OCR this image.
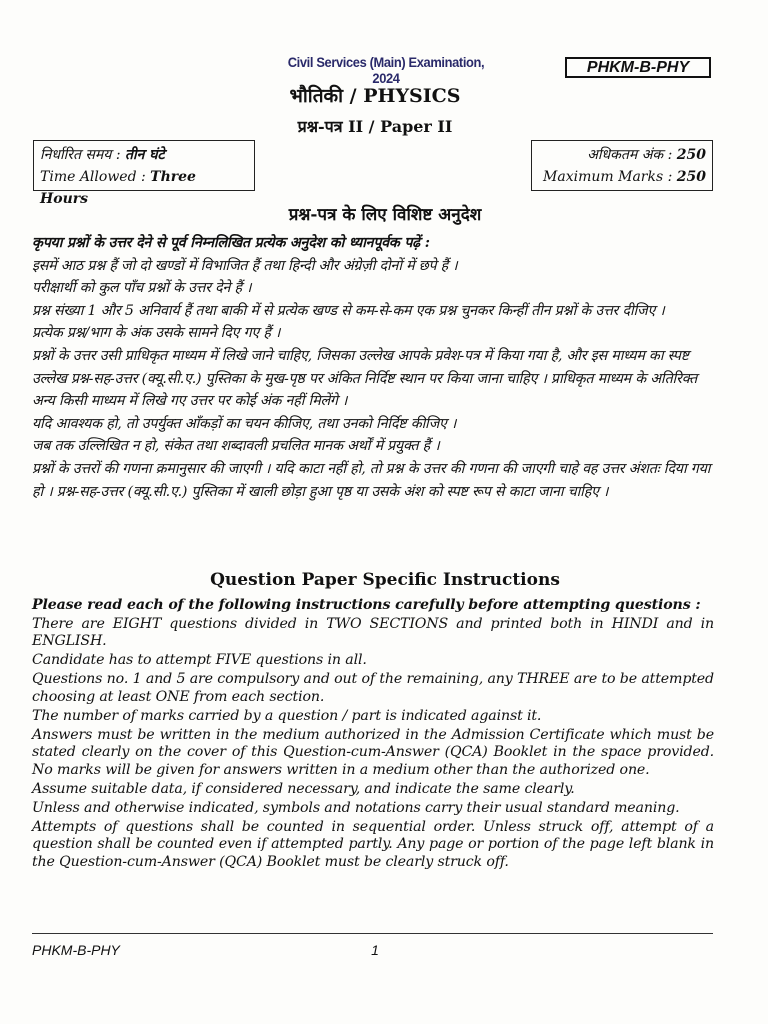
Civil Services (Main) Examination, 2024
PHKM-B-PHY
भौतिकी / PHYSICS
प्रश्न-पत्र II / Paper II
निर्धारित समय : तीन घंटे
Time Allowed : Three Hours
अधिकतम अंक : 250
Maximum Marks : 250
प्रश्न-पत्र के लिए विशिष्ट अनुदेश

कृपया प्रश्नों के उत्तर देने से पूर्व निम्नलिखित प्रत्येक अनुदेश को ध्यानपूर्वक पढ़ें :

इसमें आठ प्रश्न हैं जो दो खण्डों में विभाजित हैं तथा हिन्दी और अंग्रेज़ी दोनों में छपे हैं ।

परीक्षार्थी को कुल पाँच प्रश्नों के उत्तर देने हैं ।

प्रश्न संख्या 1 और 5 अनिवार्य हैं तथा बाकी में से प्रत्येक खण्ड से कम-से-कम एक प्रश्न चुनकर किन्हीं तीन प्रश्नों के उत्तर दीजिए ।

प्रत्येक प्रश्न/भाग के अंक उसके सामने दिए गए हैं ।

प्रश्नों के उत्तर उसी प्राधिकृत माध्यम में लिखे जाने चाहिए, जिसका उल्लेख आपके प्रवेश-पत्र में किया गया है, और इस माध्यम का स्पष्ट उल्लेख प्रश्न-सह-उत्तर (क्यू.सी.ए.) पुस्तिका के मुख-पृष्ठ पर अंकित निर्दिष्ट स्थान पर किया जाना चाहिए । प्राधिकृत माध्यम के अतिरिक्त अन्य किसी माध्यम में लिखे गए उत्तर पर कोई अंक नहीं मिलेंगे ।

यदि आवश्यक हो, तो उपर्युक्त आँकड़ों का चयन कीजिए, तथा उनको निर्दिष्ट कीजिए ।

जब तक उल्लिखित न हो, संकेत तथा शब्दावली प्रचलित मानक अर्थों में प्रयुक्त हैं ।

प्रश्नों के उत्तरों की गणना क्रमानुसार की जाएगी । यदि काटा नहीं हो, तो प्रश्न के उत्तर की गणना की जाएगी चाहे वह उत्तर अंशतः दिया गया हो । प्रश्न-सह-उत्तर (क्यू.सी.ए.) पुस्तिका में खाली छोड़ा हुआ पृष्ठ या उसके अंश को स्पष्ट रूप से काटा जाना चाहिए ।

Question Paper Specific Instructions

Please read each of the following instructions carefully before attempting questions :

There are EIGHT questions divided in TWO SECTIONS and printed both in HINDI and in ENGLISH.

Candidate has to attempt FIVE questions in all.

Questions no. 1 and 5 are compulsory and out of the remaining, any THREE are to be attempted choosing at least ONE from each section.

The number of marks carried by a question / part is indicated against it.

Answers must be written in the medium authorized in the Admission Certificate which must be stated clearly on the cover of this Question-cum-Answer (QCA) Booklet in the space provided. No marks will be given for answers written in a medium other than the authorized one.

Assume suitable data, if considered necessary, and indicate the same clearly.

Unless and otherwise indicated, symbols and notations carry their usual standard meaning.

Attempts of questions shall be counted in sequential order. Unless struck off, attempt of a question shall be counted even if attempted partly. Any page or portion of the page left blank in the Question-cum-Answer (QCA) Booklet must be clearly struck off.

PHKM-B-PHY	1
